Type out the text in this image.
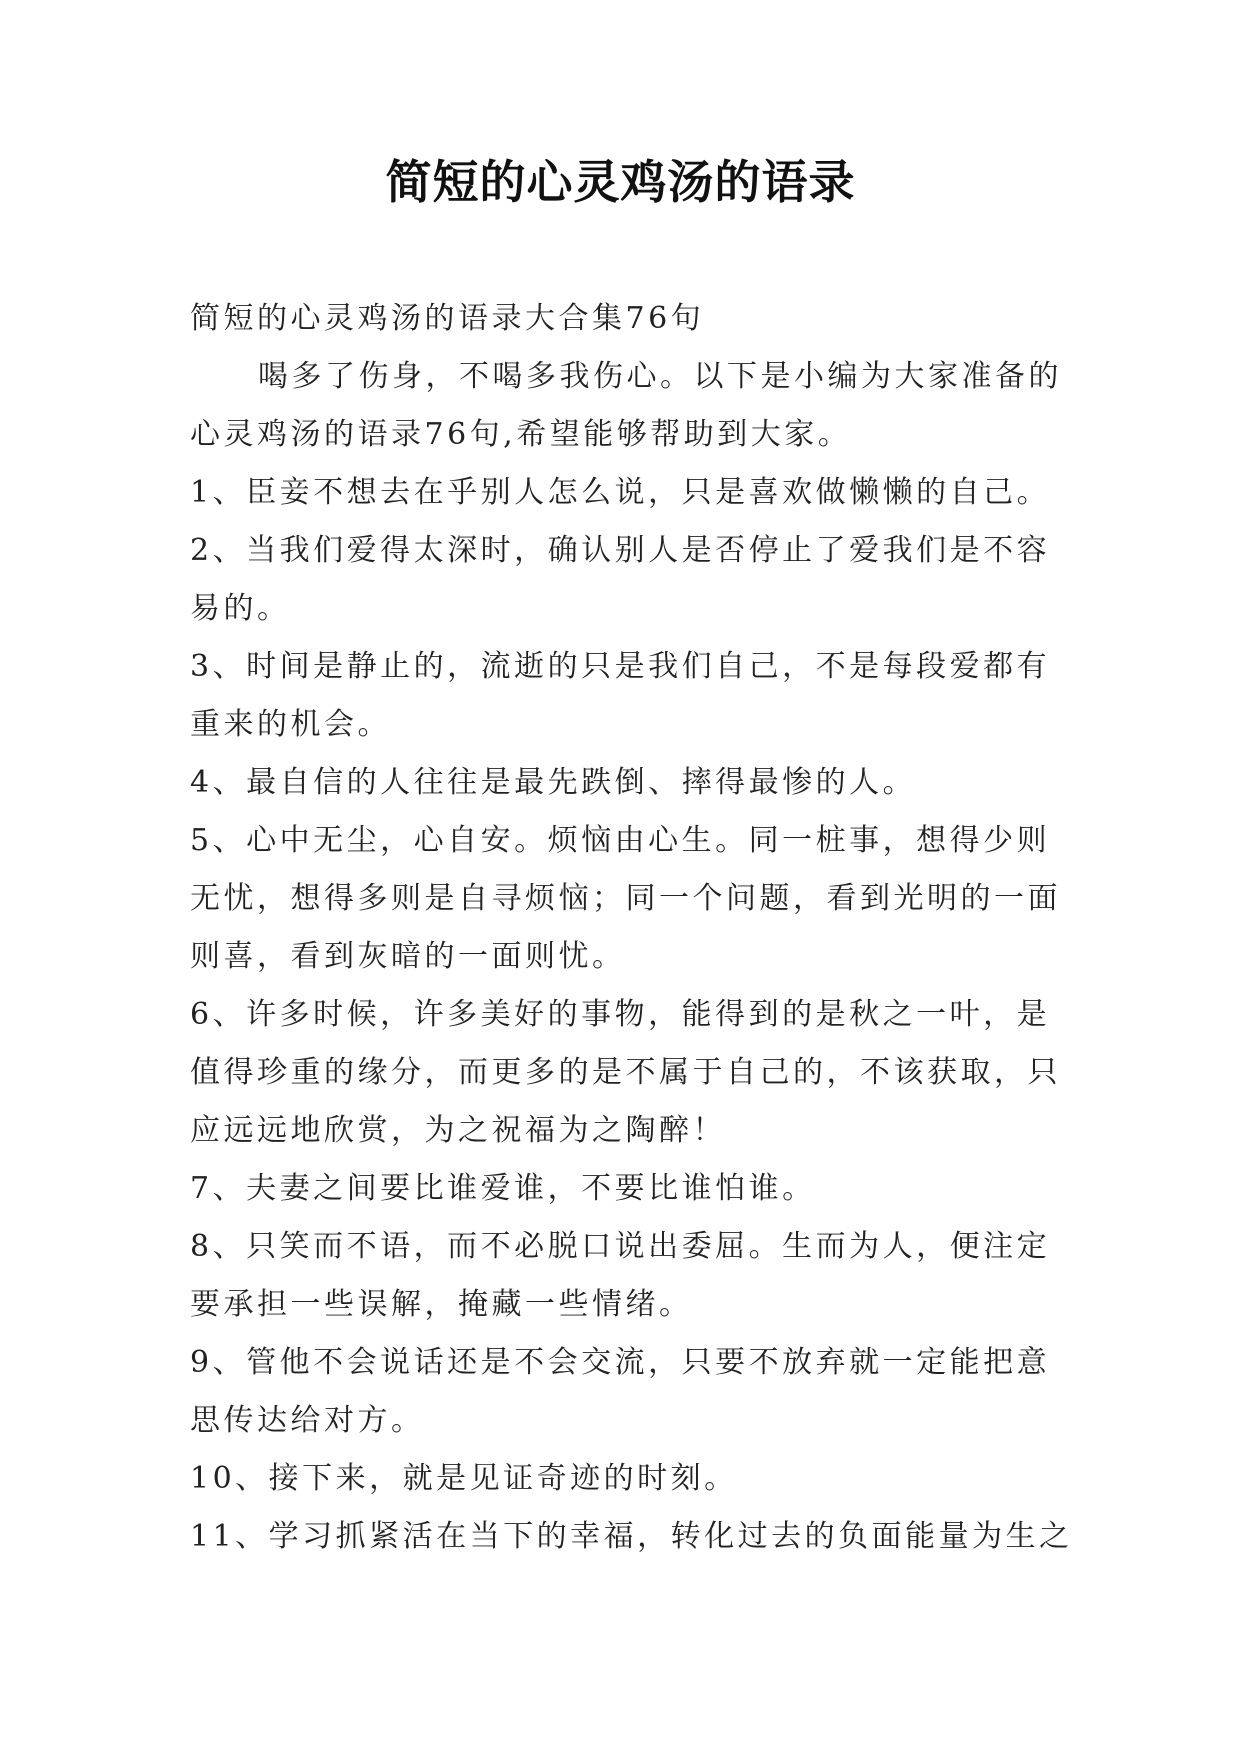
简短的心灵鸡汤的语录
简短的心灵鸡汤的语录大合集76句
喝多了伤身，不喝多我伤心。以下是小编为大家准备的
心灵鸡汤的语录76句,希望能够帮助到大家。
1、臣妾不想去在乎别人怎么说，只是喜欢做懒懒的自己。
2、当我们爱得太深时，确认别人是否停止了爱我们是不容
易的。
3、时间是静止的，流逝的只是我们自己，不是每段爱都有
重来的机会。
4、最自信的人往往是最先跌倒、摔得最惨的人。
5、心中无尘，心自安。烦恼由心生。同一桩事，想得少则
无忧，想得多则是自寻烦恼；同一个问题，看到光明的一面
则喜，看到灰暗的一面则忧。
6、许多时候，许多美好的事物，能得到的是秋之一叶，是
值得珍重的缘分，而更多的是不属于自己的，不该获取，只
应远远地欣赏，为之祝福为之陶醉！
7、夫妻之间要比谁爱谁，不要比谁怕谁。
8、只笑而不语，而不必脱口说出委屈。生而为人，便注定
要承担一些误解，掩藏一些情绪。
9、管他不会说话还是不会交流，只要不放弃就一定能把意
思传达给对方。
10、接下来，就是见证奇迹的时刻。
11、学习抓紧活在当下的幸福，转化过去的负面能量为生之
